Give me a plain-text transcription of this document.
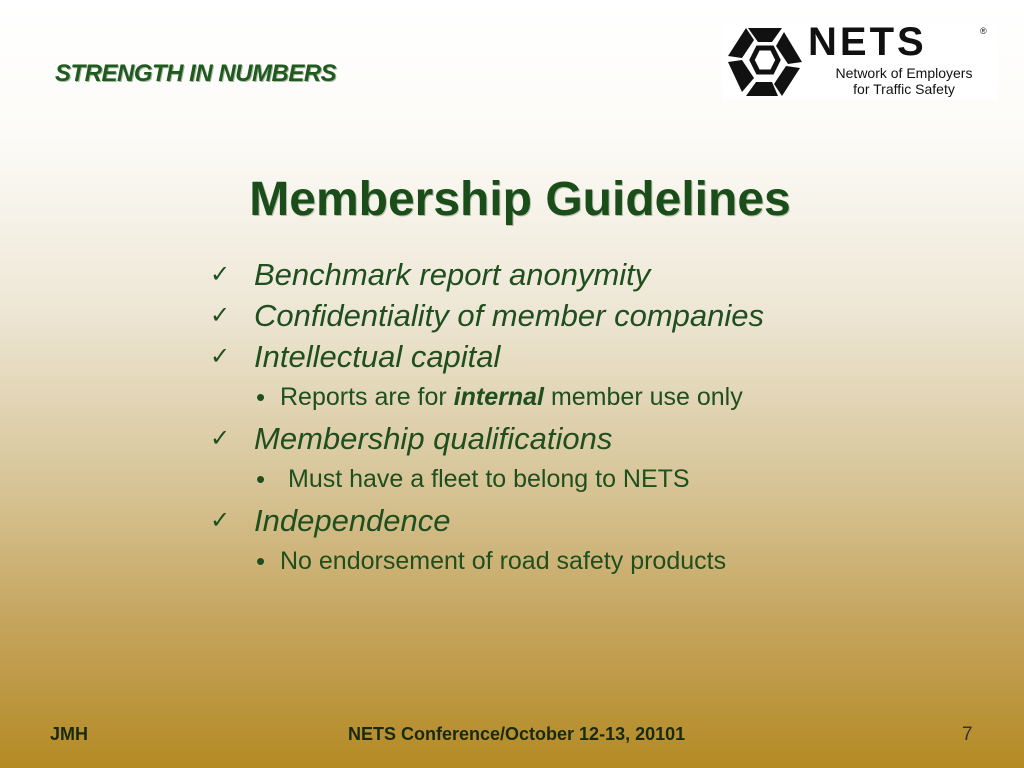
STRENGTH IN NUMBERS
NETS	®
Network of Employers
for Traffic Safety
Membership Guidelines
✓ Benchmark report anonymity
✓ Confidentiality of member companies
✓ Intellectual capital
• Reports are for internal member use only
✓ Membership qualifications
• Must have a fleet to belong to NETS
✓ Independence
• No endorsement of road safety products
JMH	NETS Conference/October 12-13, 20101	7
